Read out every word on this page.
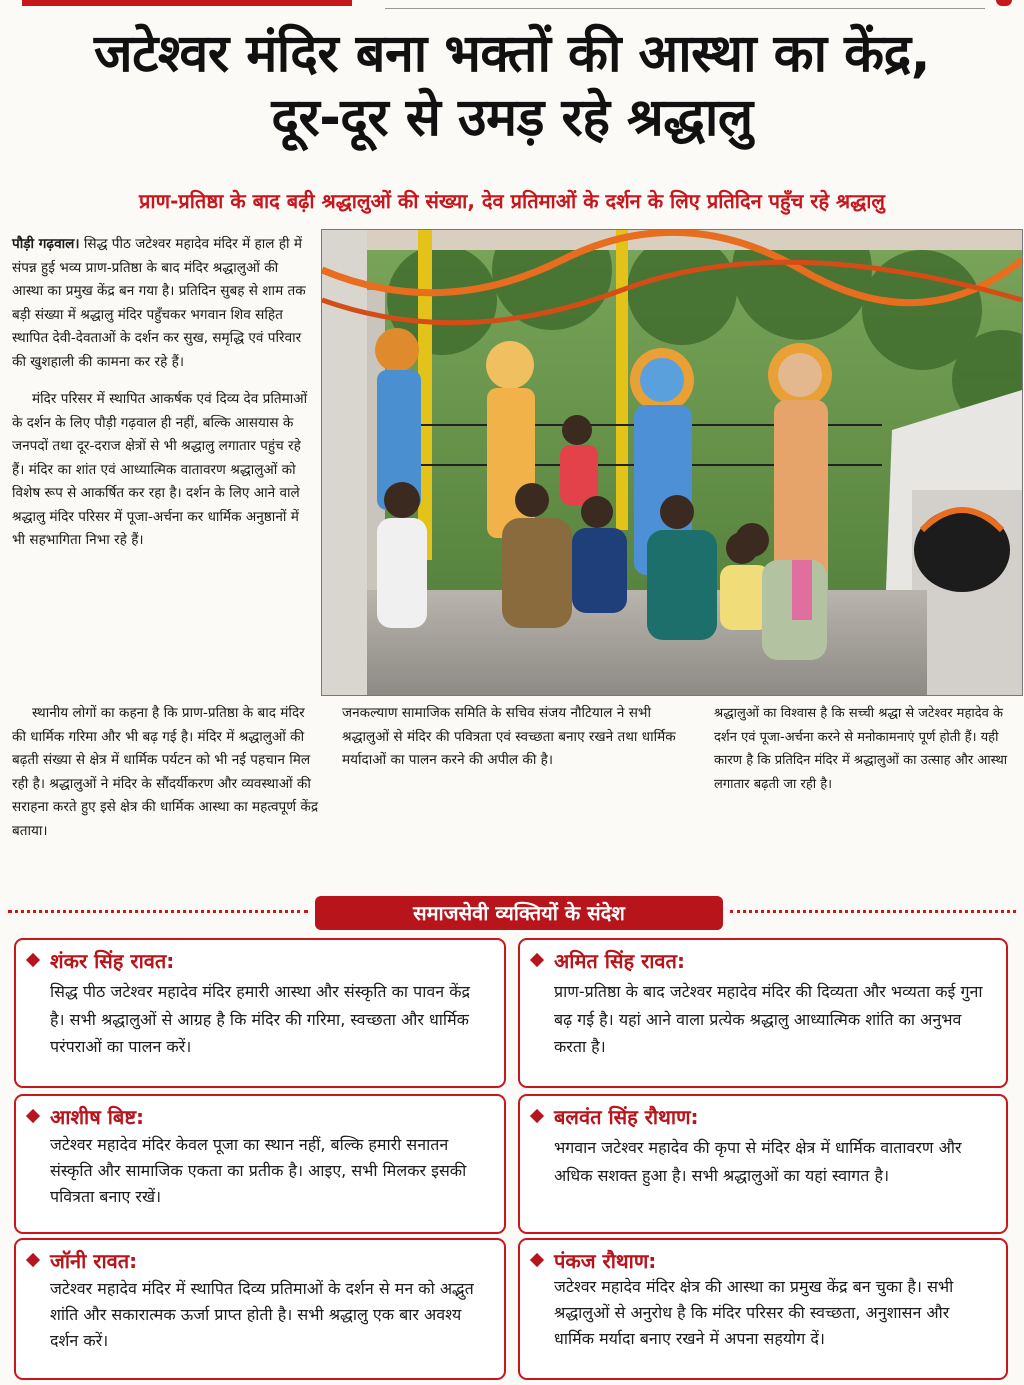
जटेश्वर मंदिर बना भक्तों की आस्था का केंद्र,
दूर-दूर से उमड़ रहे श्रद्धालु
प्राण-प्रतिष्ठा के बाद बढ़ी श्रद्धालुओं की संख्या, देव प्रतिमाओं के दर्शन के लिए प्रतिदिन पहुँच रहे श्रद्धालु

पौड़ी गढ़वाल। सिद्ध पीठ जटेश्वर महादेव मंदिर में हाल ही में संपन्न हुई भव्य प्राण-प्रतिष्ठा के बाद मंदिर श्रद्धालुओं की आस्था का प्रमुख केंद्र बन गया है। प्रतिदिन सुबह से शाम तक बड़ी संख्या में श्रद्धालु मंदिर पहुँचकर भगवान शिव सहित स्थापित देवी-देवताओं के दर्शन कर सुख, समृद्धि एवं परिवार की खुशहाली की कामना कर रहे हैं।

मंदिर परिसर में स्थापित आकर्षक एवं दिव्य देव प्रतिमाओं के दर्शन के लिए पौड़ी गढ़वाल ही नहीं, बल्कि आसयास के जनपदों तथा दूर-दराज क्षेत्रों से भी श्रद्धालु लगातार पहुंच रहे हैं। मंदिर का शांत एवं आध्यात्मिक वातावरण श्रद्धालुओं को विशेष रूप से आकर्षित कर रहा है। दर्शन के लिए आने वाले श्रद्धालु मंदिर परिसर में पूजा-अर्चना कर धार्मिक अनुष्ठानों में भी सहभागिता निभा रहे हैं।

स्थानीय लोगों का कहना है कि प्राण-प्रतिष्ठा के बाद मंदिर की धार्मिक गरिमा और भी बढ़ गई है। मंदिर में श्रद्धालुओं की बढ़ती संख्या से क्षेत्र में धार्मिक पर्यटन को भी नई पहचान मिल रही है। श्रद्धालुओं ने मंदिर के सौंदर्यीकरण और व्यवस्थाओं की सराहना करते हुए इसे क्षेत्र की धार्मिक आस्था का महत्वपूर्ण केंद्र बताया।

जनकल्याण सामाजिक समिति के सचिव संजय नौटियाल ने सभी श्रद्धालुओं से मंदिर की पवित्रता एवं स्वच्छता बनाए रखने तथा धार्मिक मर्यादाओं का पालन करने की अपील की है।

श्रद्धालुओं का विश्वास है कि सच्ची श्रद्धा से जटेश्वर महादेव के दर्शन एवं पूजा-अर्चना करने से मनोकामनाएं पूर्ण होती हैं। यही कारण है कि प्रतिदिन मंदिर में श्रद्धालुओं का उत्साह और आस्था लगातार बढ़ती जा रही है।

समाजसेवी व्यक्तियों के संदेश
शंकर सिंह रावत:
सिद्ध पीठ जटेश्वर महादेव मंदिर हमारी आस्था और संस्कृति का पावन केंद्र है। सभी श्रद्धालुओं से आग्रह है कि मंदिर की गरिमा, स्वच्छता और धार्मिक परंपराओं का पालन करें।
अमित सिंह रावत:
प्राण-प्रतिष्ठा के बाद जटेश्वर महादेव मंदिर की दिव्यता और भव्यता कई गुना बढ़ गई है। यहां आने वाला प्रत्येक श्रद्धालु आध्यात्मिक शांति का अनुभव करता है।
आशीष बिष्ट:
जटेश्वर महादेव मंदिर केवल पूजा का स्थान नहीं, बल्कि हमारी सनातन संस्कृति और सामाजिक एकता का प्रतीक है। आइए, सभी मिलकर इसकी पवित्रता बनाए रखें।
बलवंत सिंह रौथाण:
भगवान जटेश्वर महादेव की कृपा से मंदिर क्षेत्र में धार्मिक वातावरण और अधिक सशक्त हुआ है। सभी श्रद्धालुओं का यहां स्वागत है।
जॉनी रावत:
जटेश्वर महादेव मंदिर में स्थापित दिव्य प्रतिमाओं के दर्शन से मन को अद्भुत शांति और सकारात्मक ऊर्जा प्राप्त होती है। सभी श्रद्धालु एक बार अवश्य दर्शन करें।
पंकज रौथाण:
जटेश्वर महादेव मंदिर क्षेत्र की आस्था का प्रमुख केंद्र बन चुका है। सभी श्रद्धालुओं से अनुरोध है कि मंदिर परिसर की स्वच्छता, अनुशासन और धार्मिक मर्यादा बनाए रखने में अपना सहयोग दें।
